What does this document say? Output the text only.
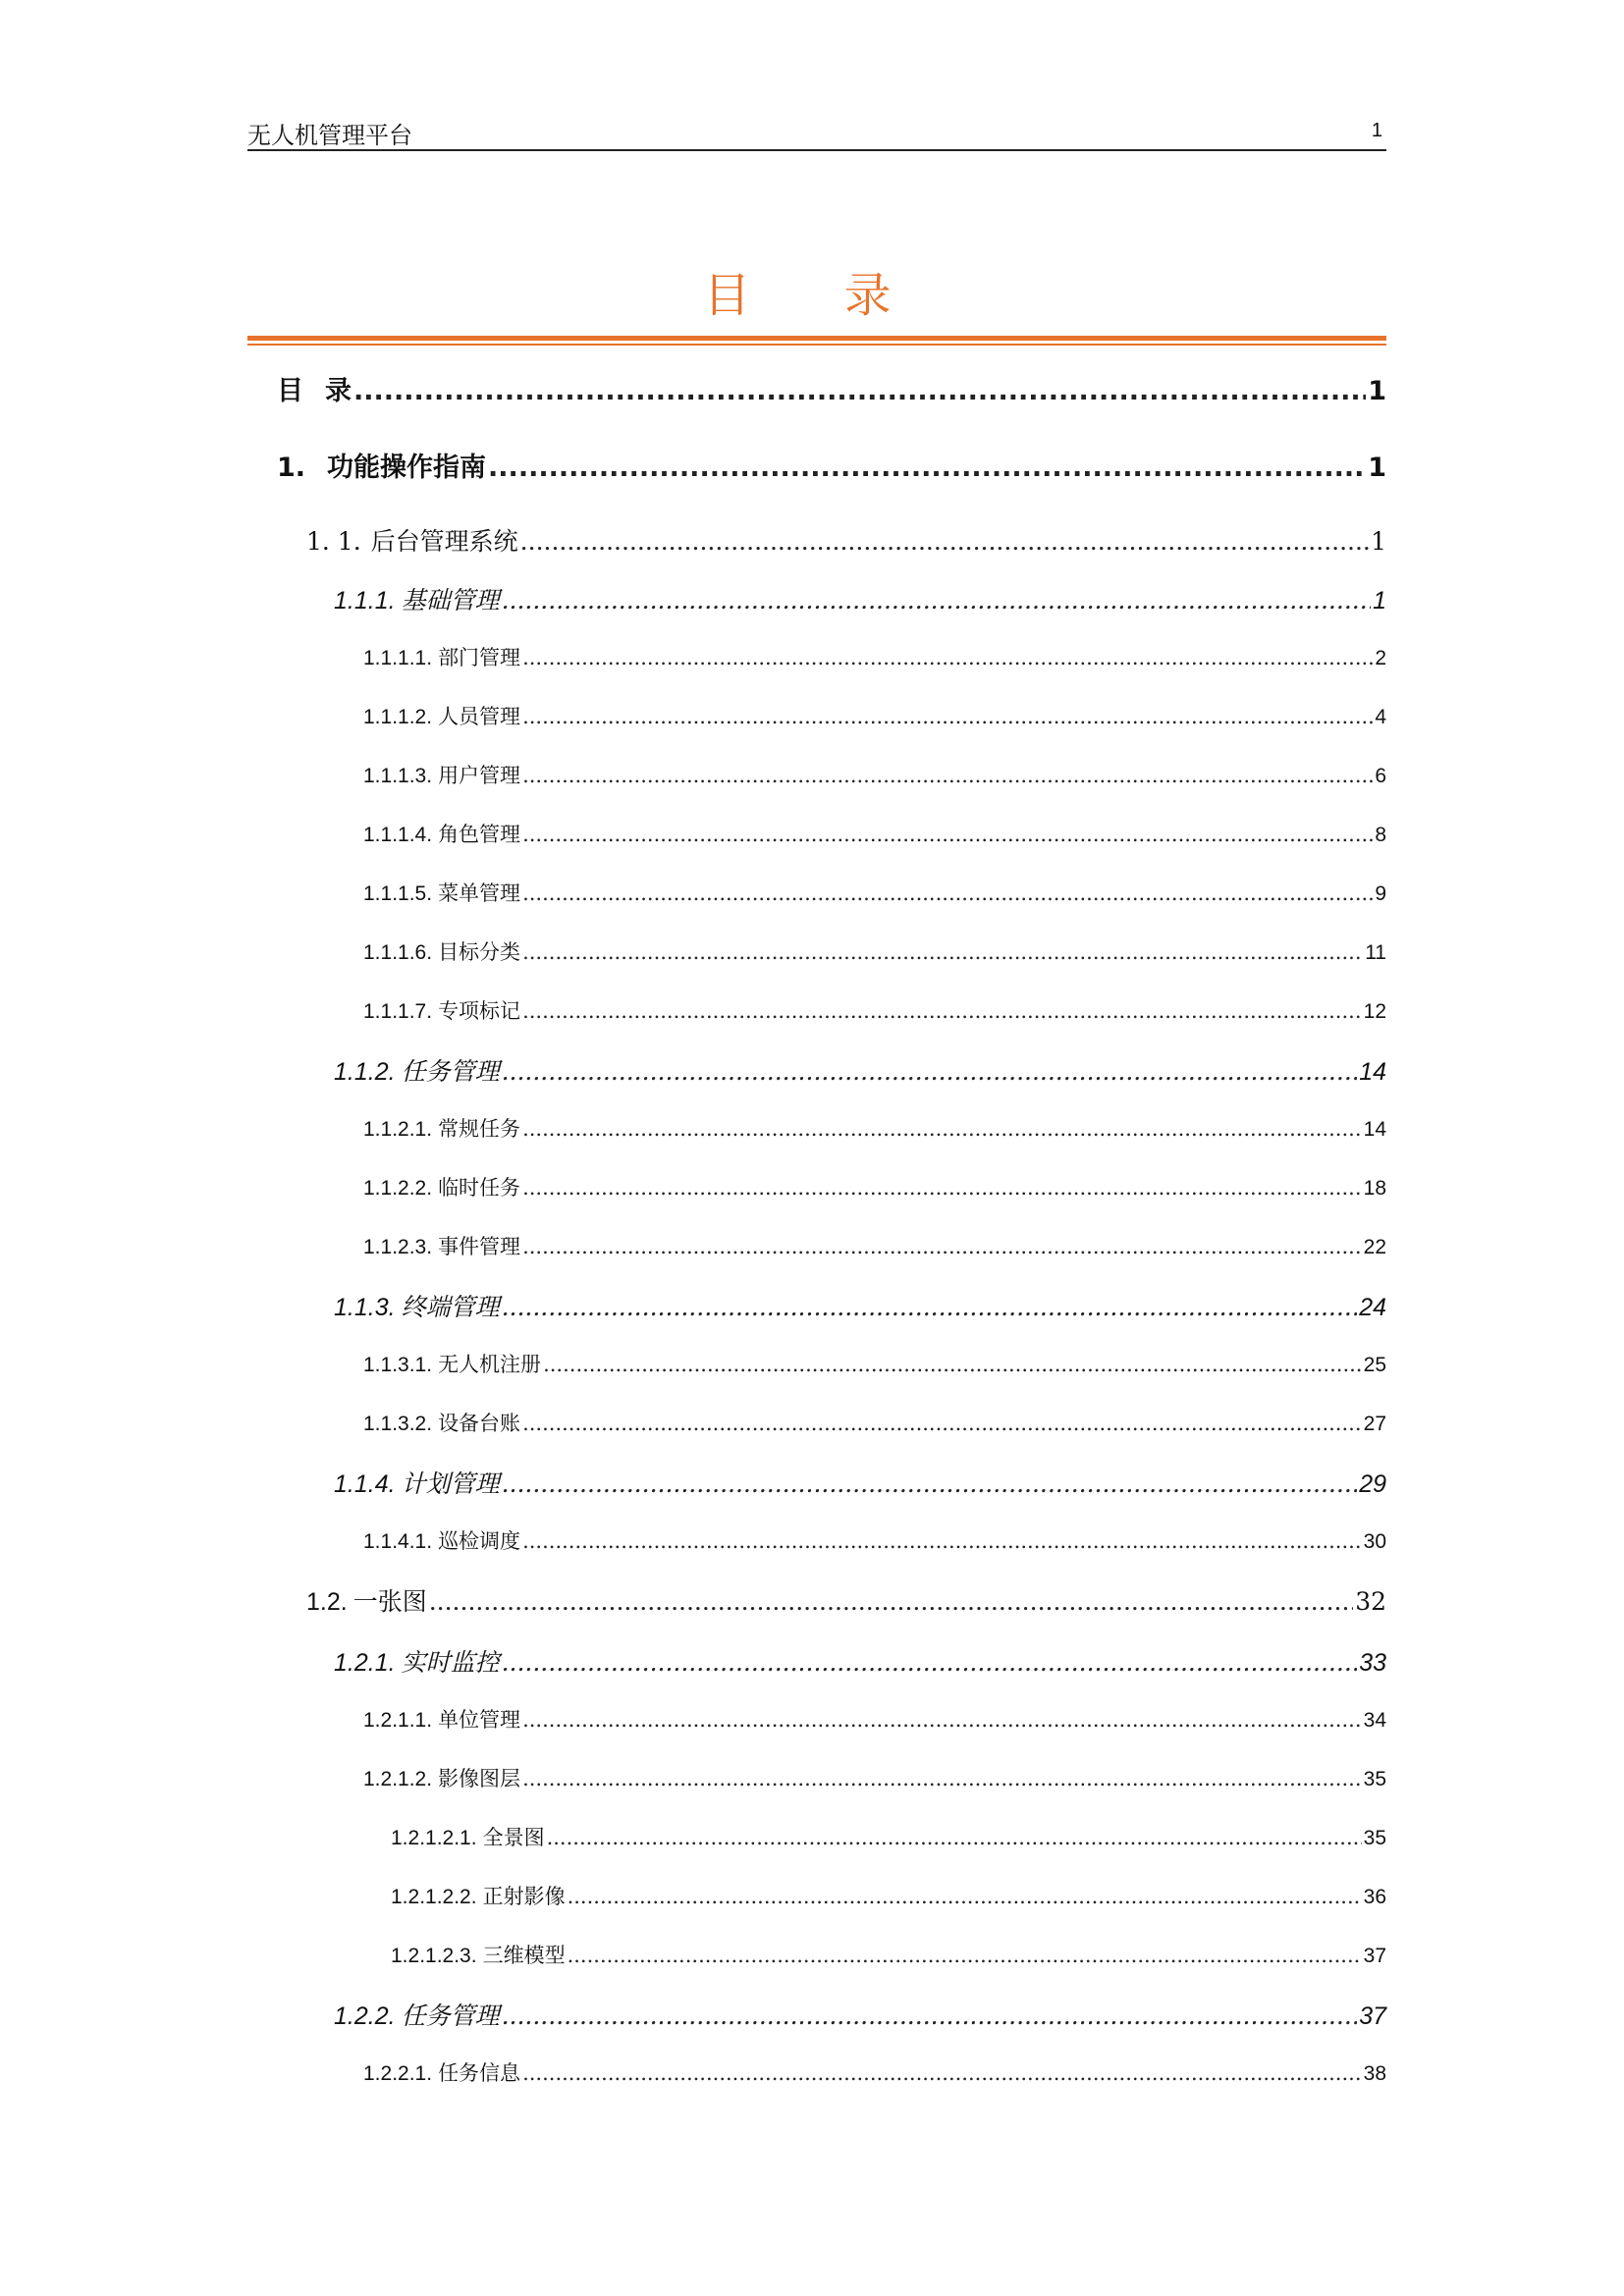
无人机管理平台	1
目 录
目 录 .....	1
1. 功能操作指南 .....	1
1. 1. 后台管理系统 .....	1
1.1.1. 基础管理 .....	1
1.1.1.1. 部门管理 .....	2
1.1.1.2. 人员管理 .....	4
1.1.1.3. 用户管理 .....	6
1.1.1.4. 角色管理 .....	8
1.1.1.5. 菜单管理 .....	9
1.1.1.6. 目标分类 .....	11
1.1.1.7. 专项标记 .....	12
1.1.2. 任务管理 .....	14
1.1.2.1. 常规任务 .....	14
1.1.2.2. 临时任务 .....	18
1.1.2.3. 事件管理 .....	22
1.1.3. 终端管理 .....	24
1.1.3.1. 无人机注册 .....	25
1.1.3.2. 设备台账 .....	27
1.1.4. 计划管理 .....	29
1.1.4.1. 巡检调度 .....	30
1.2. 一张图 .....	32
1.2.1. 实时监控 .....	33
1.2.1.1. 单位管理 .....	34
1.2.1.2. 影像图层 .....	35
1.2.1.2.1. 全景图 .....	35
1.2.1.2.2. 正射影像 .....	36
1.2.1.2.3. 三维模型 .....	37
1.2.2. 任务管理 .....	37
1.2.2.1. 任务信息 .....	38
